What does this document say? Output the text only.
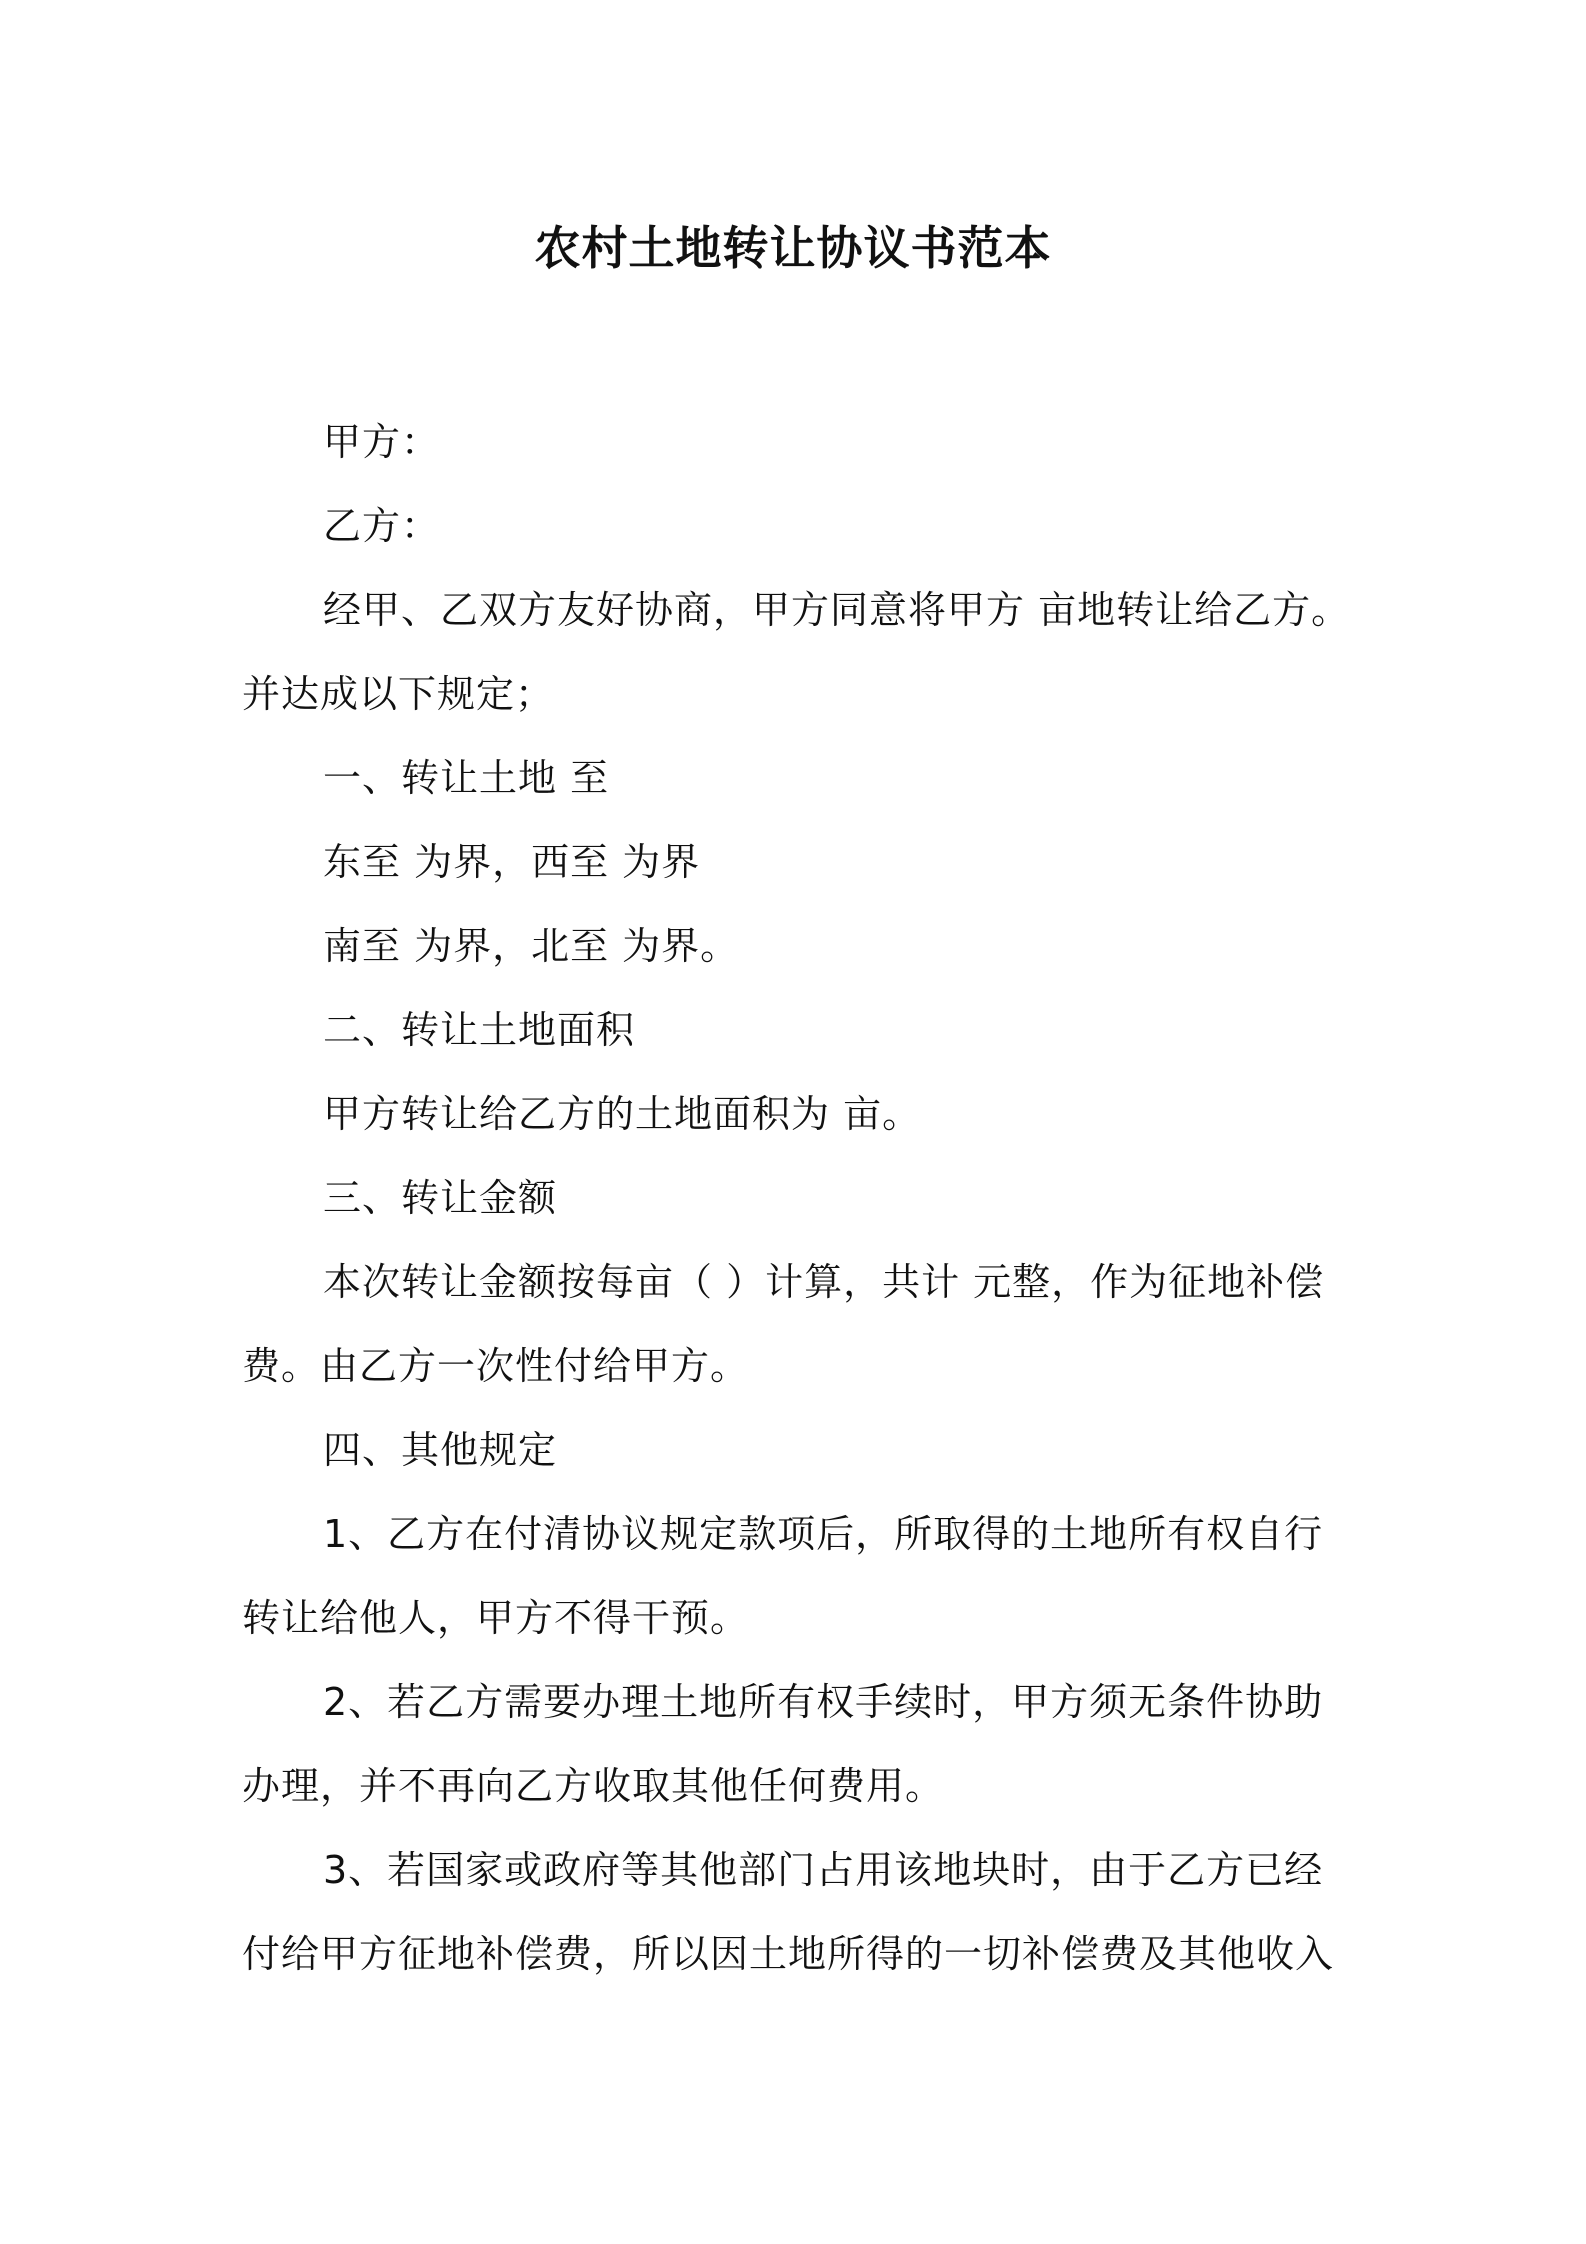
农村土地转让协议书范本
甲方：
乙方：
经甲、乙双方友好协商，甲方同意将甲方 亩地转让给乙方。
并达成以下规定；
一、转让土地 至
东至 为界，西至 为界
南至 为界，北至 为界。
二、转让土地面积
甲方转让给乙方的土地面积为 亩。
三、转让金额
本次转让金额按每亩（ ）计算，共计 元整，作为征地补偿
费。由乙方一次性付给甲方。
四、其他规定
1、乙方在付清协议规定款项后，所取得的土地所有权自行
转让给他人，甲方不得干预。
2、若乙方需要办理土地所有权手续时，甲方须无条件协助
办理，并不再向乙方收取其他任何费用。
3、若国家或政府等其他部门占用该地块时，由于乙方已经
付给甲方征地补偿费，所以因土地所得的一切补偿费及其他收入
